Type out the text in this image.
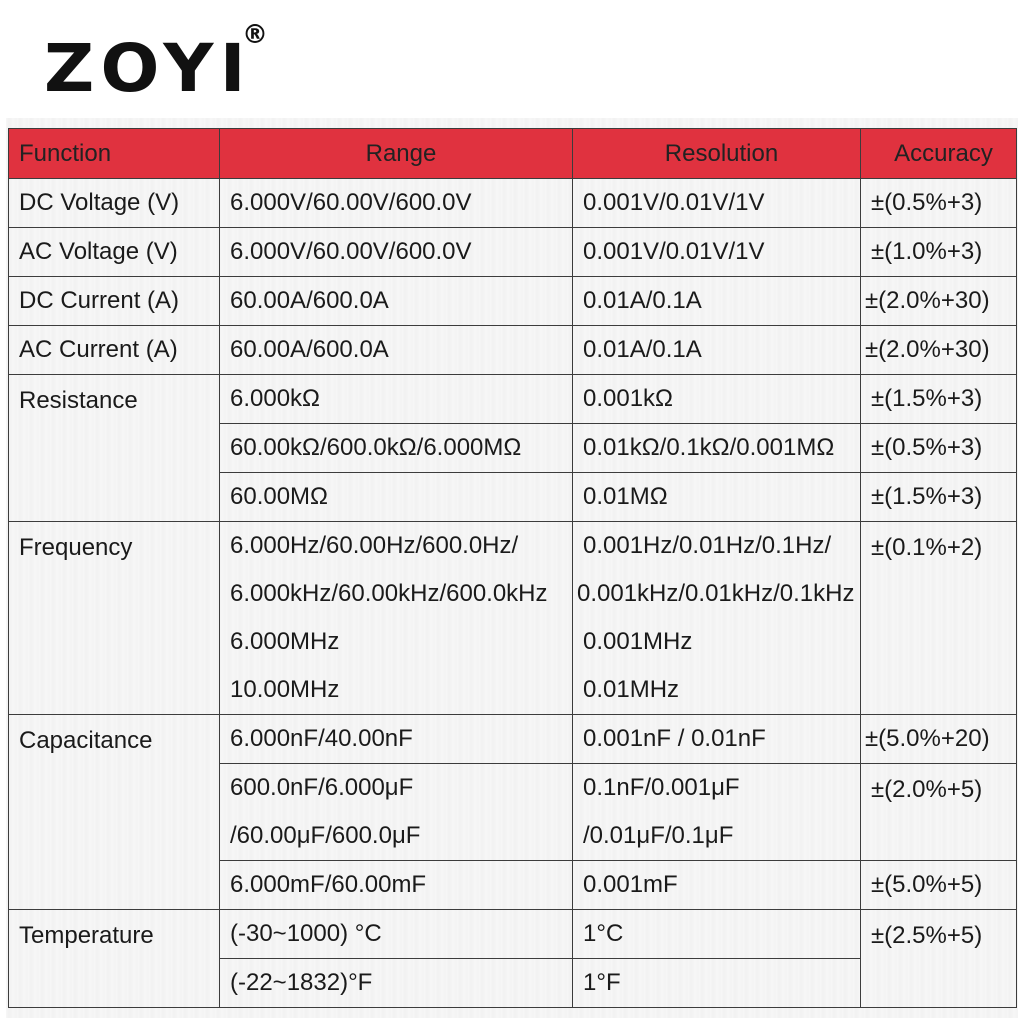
ZOYI
®
Function	Range	Resolution	Accuracy
DC Voltage (V)	6.000V/60.00V/600.0V	0.001V/0.01V/1V	±(0.5%+3)
AC Voltage (V)	6.000V/60.00V/600.0V	0.001V/0.01V/1V	±(1.0%+3)
DC Current (A)	60.00A/600.0A	0.01A/0.1A	±(2.0%+30)
AC Current (A)	60.00A/600.0A	0.01A/0.1A	±(2.0%+30)
Resistance	6.000kΩ	0.001kΩ	±(1.5%+3)
	60.00kΩ/600.0kΩ/6.000MΩ	0.01kΩ/0.1kΩ/0.001MΩ	±(0.5%+3)
	60.00MΩ	0.01MΩ	±(1.5%+3)
Frequency	6.000Hz/60.00Hz/600.0Hz/	0.001Hz/0.01Hz/0.1Hz/	±(0.1%+2)
	6.000kHz/60.00kHz/600.0kHz	0.001kHz/0.01kHz/0.1kHz	
	6.000MHz	0.001MHz	
	10.00MHz	0.01MHz	
Capacitance	6.000nF/40.00nF	0.001nF / 0.01nF	±(5.0%+20)
	600.0nF/6.000μF	0.1nF/0.001μF	±(2.0%+5)
	/60.00μF/600.0μF	/0.01μF/0.1μF	
	6.000mF/60.00mF	0.001mF	±(5.0%+5)
Temperature	(-30~1000) °C	1°C	±(2.5%+5)
	(-22~1832)°F	1°F	
